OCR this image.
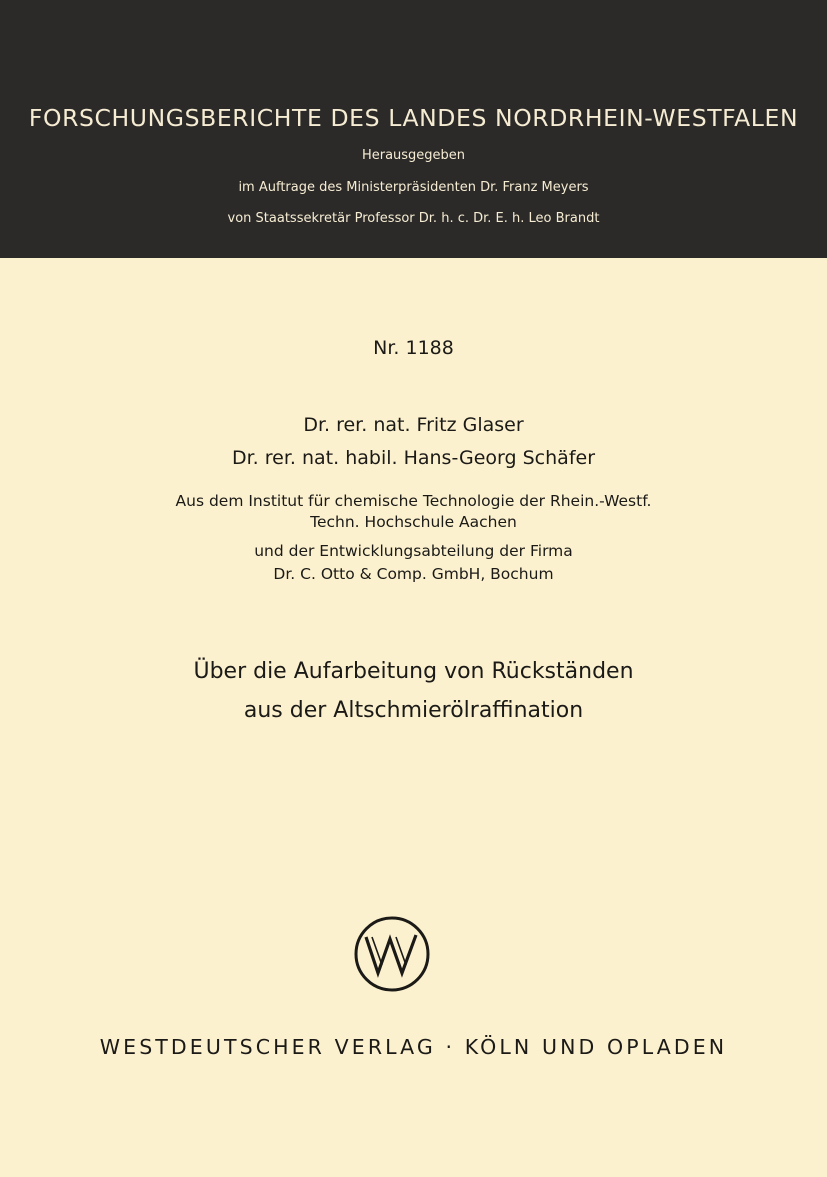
FORSCHUNGSBERICHTE DES LANDES NORDRHEIN-WESTFALEN
Herausgegeben
im Auftrage des Ministerpräsidenten Dr. Franz Meyers
von Staatssekretär Professor Dr. h. c. Dr. E. h. Leo Brandt
Nr. 1188
Dr. rer. nat. Fritz Glaser
Dr. rer. nat. habil. Hans-Georg Schäfer
Aus dem Institut für chemische Technologie der Rhein.-Westf.
Techn. Hochschule Aachen
und der Entwicklungsabteilung der Firma
Dr. C. Otto & Comp. GmbH, Bochum
Über die Aufarbeitung von Rückständen
aus der Altschmierölraffination
WESTDEUTSCHER VERLAG · KÖLN UND OPLADEN
